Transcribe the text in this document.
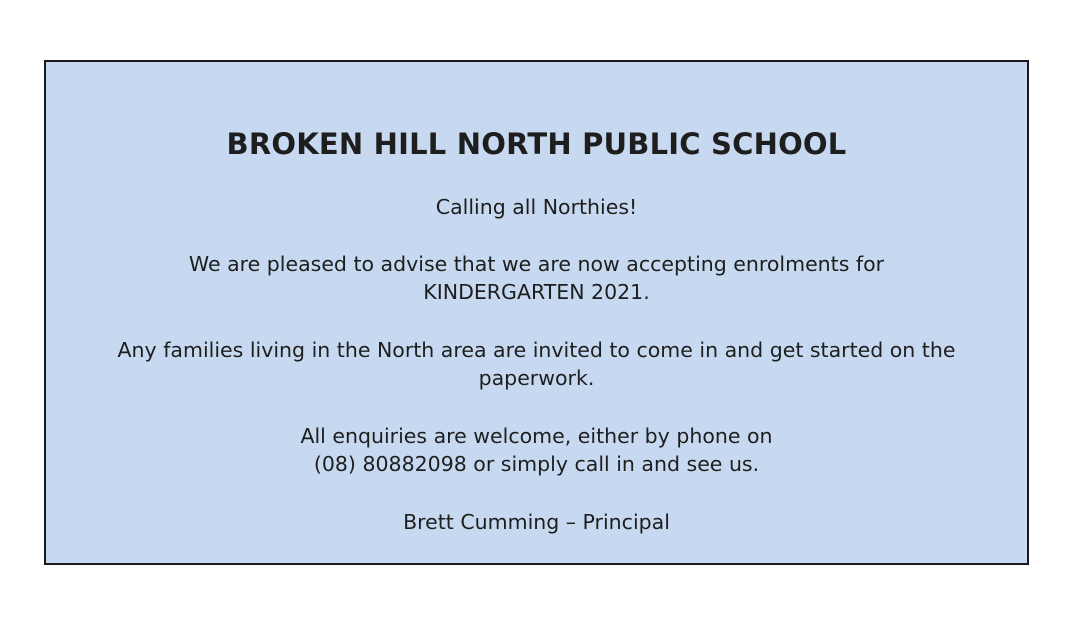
BROKEN HILL NORTH PUBLIC SCHOOL

Calling all Northies!

We are pleased to advise that we are now accepting enrolments for
KINDERGARTEN 2021.

Any families living in the North area are invited to come in and get started on the
paperwork.

All enquiries are welcome, either by phone on
(08) 80882098 or simply call in and see us.

Brett Cumming – Principal
